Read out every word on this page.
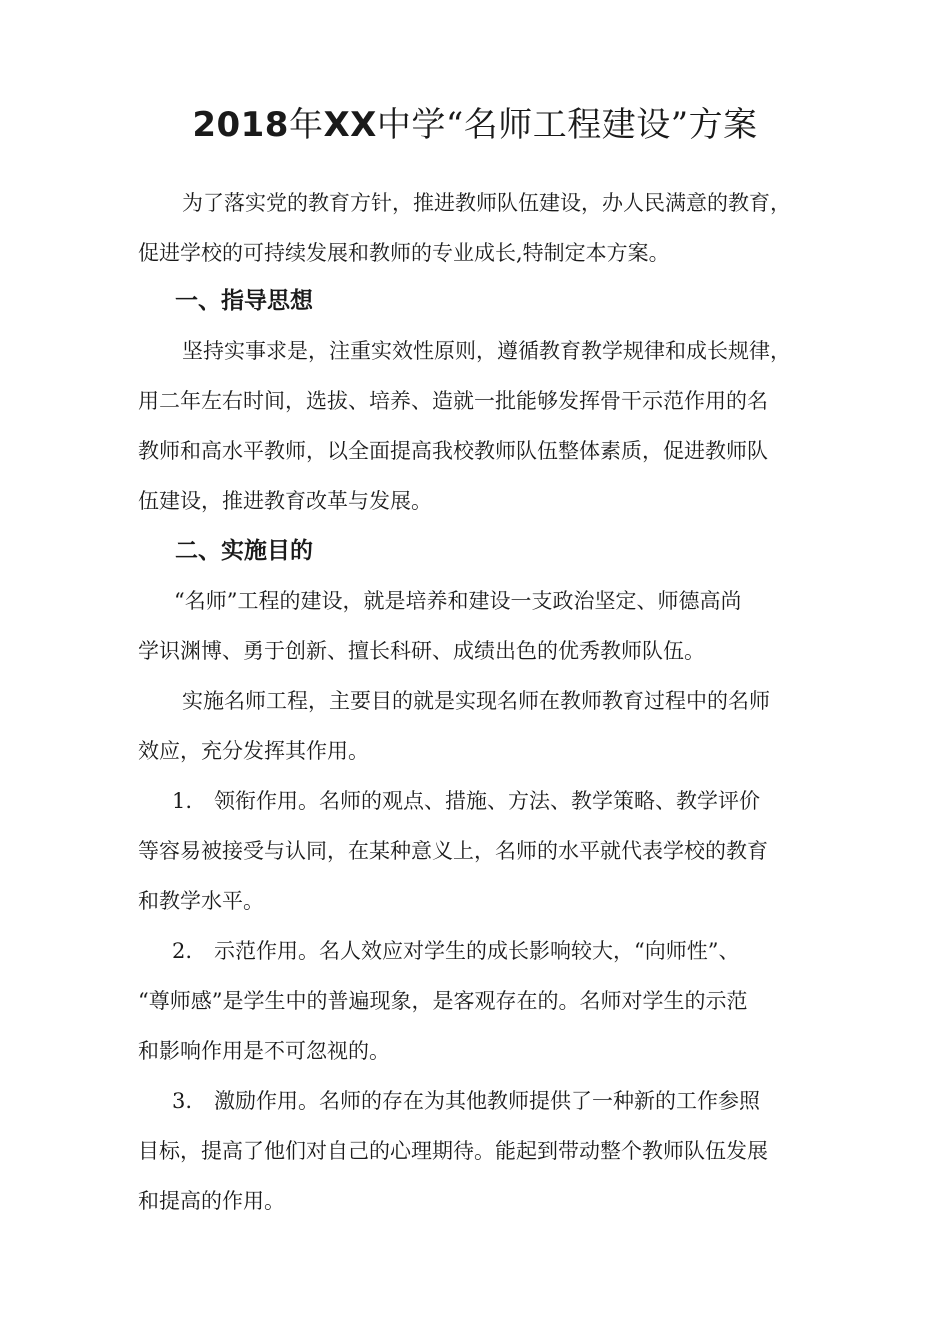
2018年XX中学“名师工程建设”方案
为了落实党的教育方针，推进教师队伍建设，办人民满意的教育，
促进学校的可持续发展和教师的专业成长,特制定本方案。
一、指导思想
坚持实事求是，注重实效性原则，遵循教育教学规律和成长规律，
用二年左右时间，选拔、培养、造就一批能够发挥骨干示范作用的名
教师和高水平教师，以全面提高我校教师队伍整体素质，促进教师队
伍建设，推进教育改革与发展。
二、实施目的
“名师”工程的建设，就是培养和建设一支政治坚定、师德高尚
学识渊博、勇于创新、擅长科研、成绩出色的优秀教师队伍。
实施名师工程，主要目的就是实现名师在教师教育过程中的名师
效应，充分发挥其作用。
1. 领衔作用。名师的观点、措施、方法、教学策略、教学评价
等容易被接受与认同，在某种意义上，名师的水平就代表学校的教育
和教学水平。
2. 示范作用。名人效应对学生的成长影响较大，“向师性”、
“尊师感”是学生中的普遍现象，是客观存在的。名师对学生的示范
和影响作用是不可忽视的。
3. 激励作用。名师的存在为其他教师提供了一种新的工作参照
目标，提高了他们对自己的心理期待。能起到带动整个教师队伍发展
和提高的作用。
